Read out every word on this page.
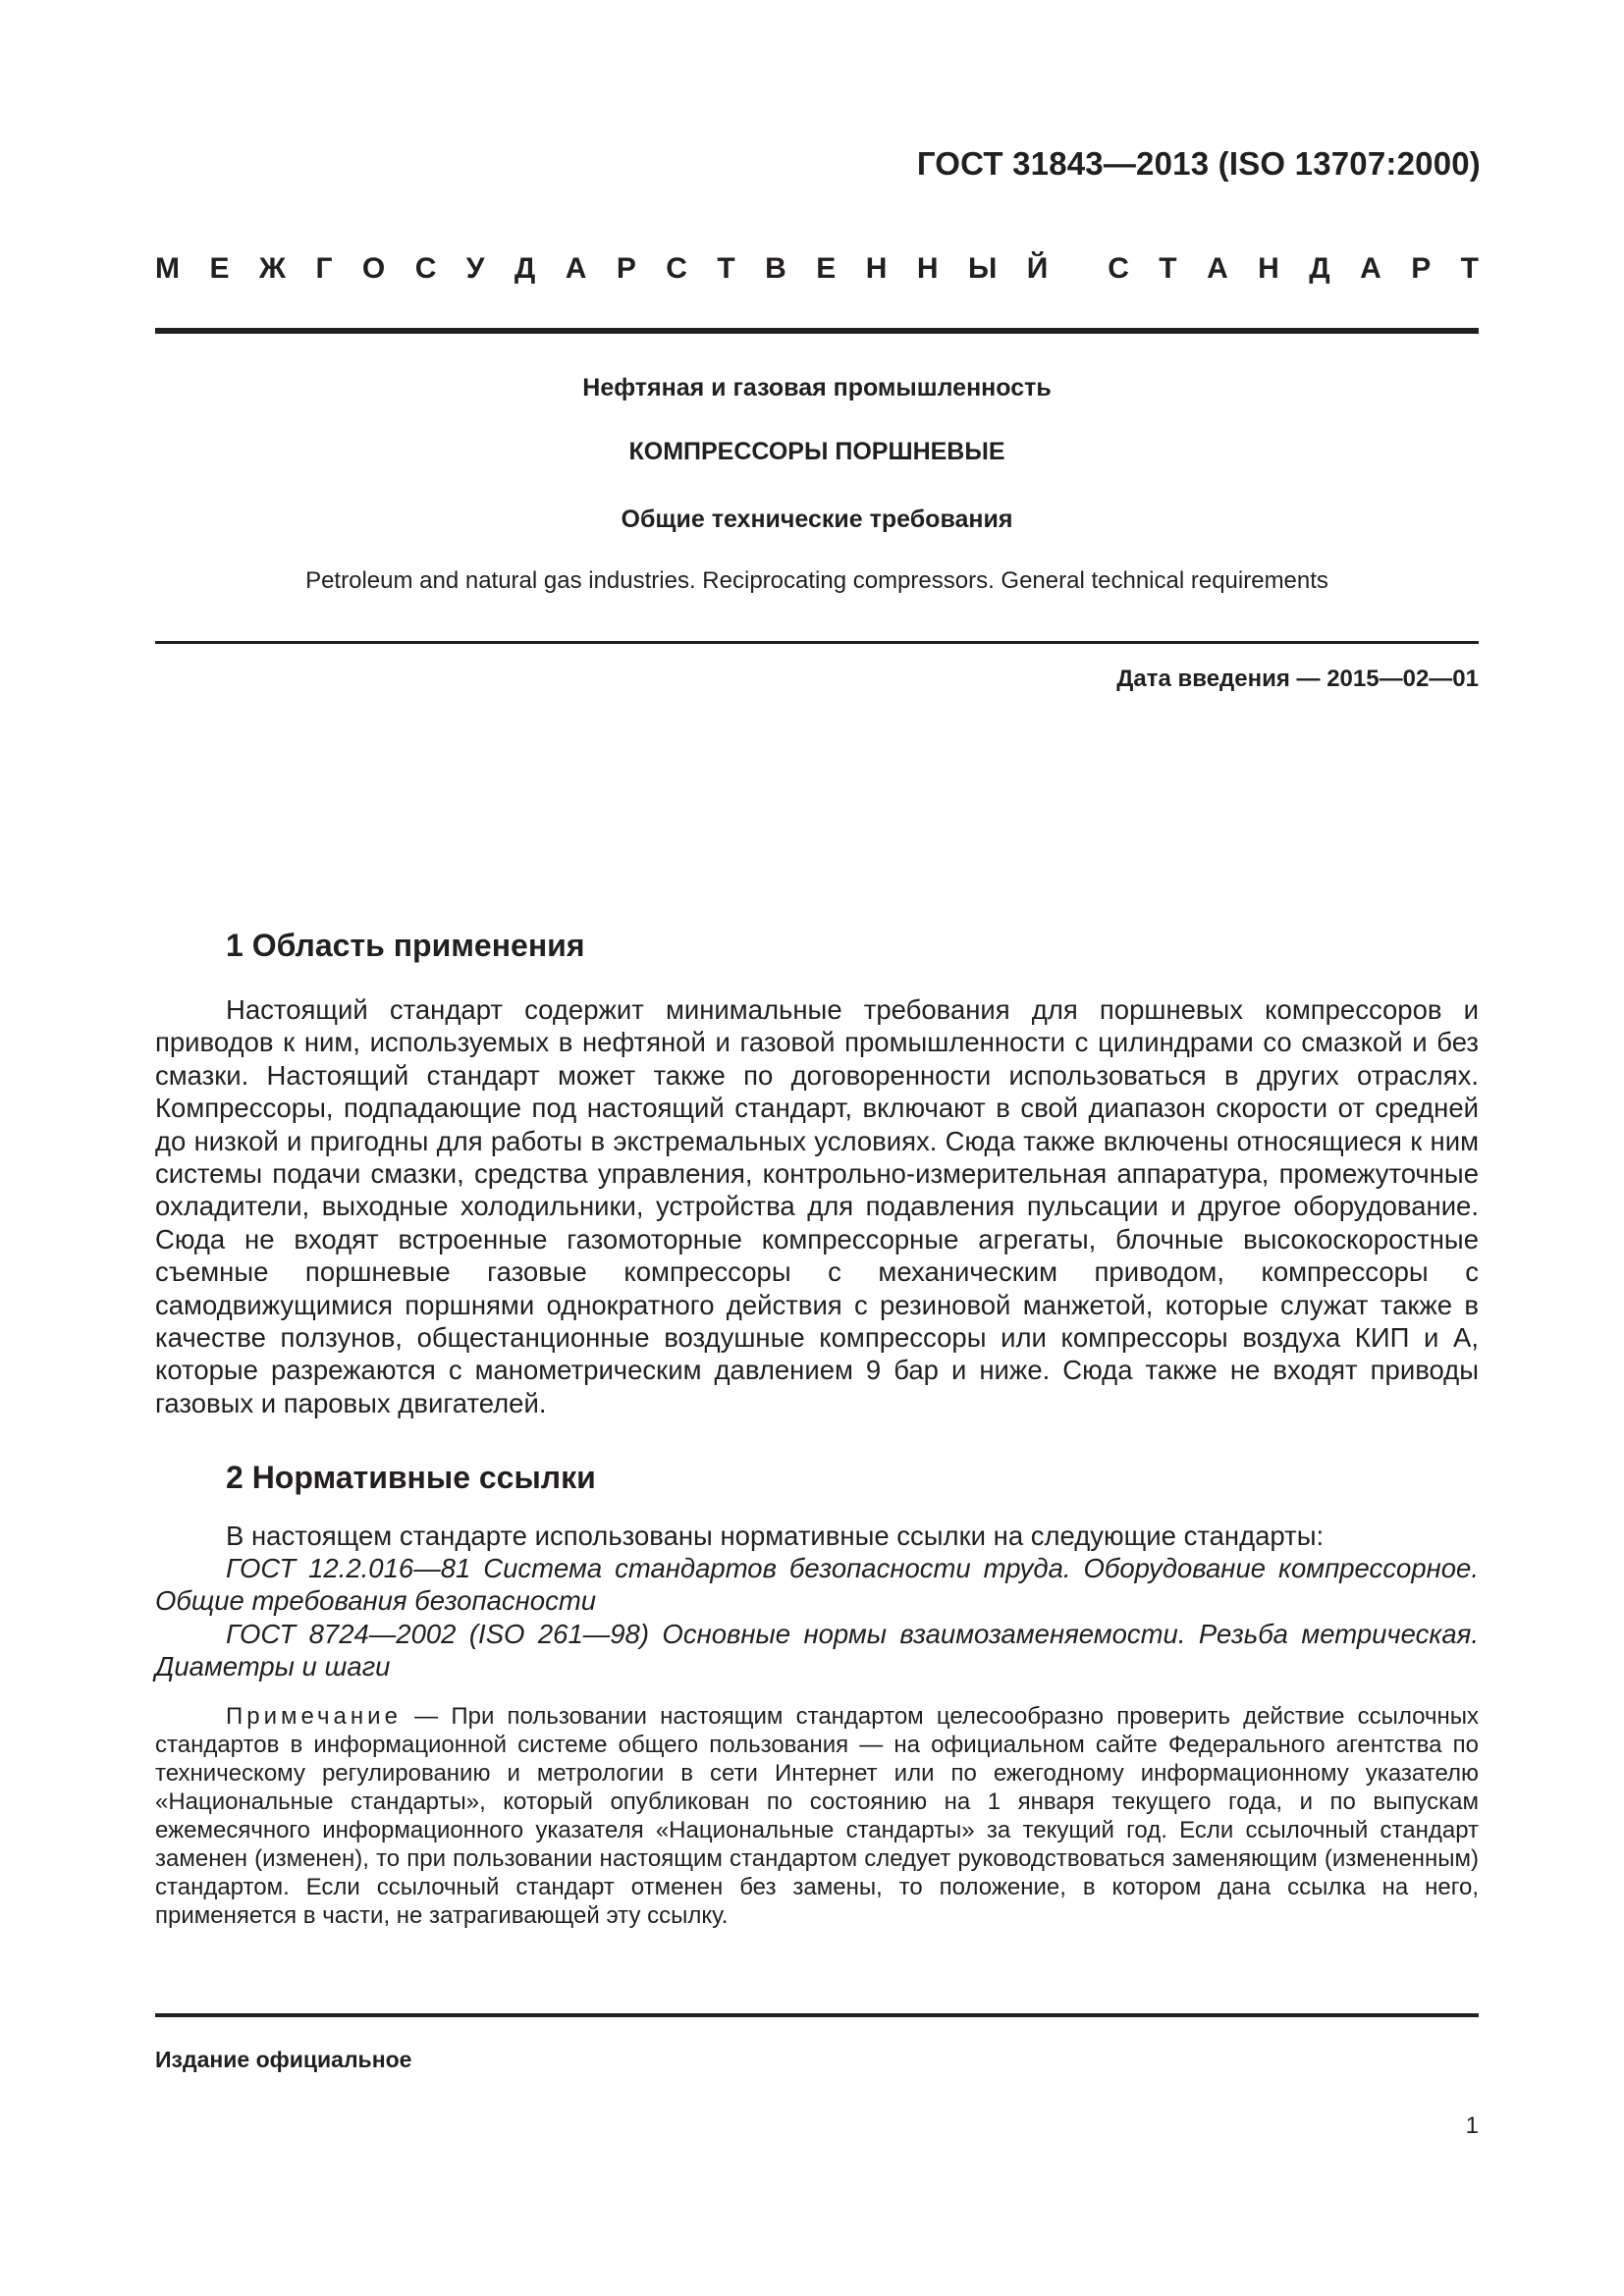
ГОСТ 31843—2013 (ISO 13707:2000)

М Е Ж Г О С У Д А Р С Т В Е Н Н Ы Й С Т А Н Д А Р Т

Нефтяная и газовая промышленность

КОМПРЕССОРЫ ПОРШНЕВЫЕ

Общие технические требования

Petroleum and natural gas industries. Reciprocating compressors. General technical requirements

Дата введения — 2015—02—01

1 Область применения

Настоящий стандарт содержит минимальные требования для поршневых компрессоров и приводов к ним, используемых в нефтяной и газовой промышленности с цилиндрами со смазкой и без смазки. Настоящий стандарт может также по договоренности использоваться в других отраслях. Компрессоры, подпадающие под настоящий стандарт, включают в свой диапазон скорости от средней до низкой и пригодны для работы в экстремальных условиях. Сюда также включены относящиеся к ним системы подачи смазки, средства управления, контрольно-измерительная аппаратура, промежуточные охладители, выходные холодильники, устройства для подавления пульсации и другое оборудование. Сюда не входят встроенные газомоторные компрессорные агрегаты, блочные высокоскоростные съемные поршневые газовые компрессоры с механическим приводом, компрессоры с самодвижущимися поршнями однократного действия с резиновой манжетой, которые служат также в качестве ползунов, общестанционные воздушные компрессоры или компрессоры воздуха КИП и А, которые разрежаются с манометрическим давлением 9 бар и ниже. Сюда также не входят приводы газовых и паровых двигателей.

2 Нормативные ссылки

В настоящем стандарте использованы нормативные ссылки на следующие стандарты:

ГОСТ 12.2.016—81 Система стандартов безопасности труда. Оборудование компрессорное. Общие требования безопасности

ГОСТ 8724—2002 (ISO 261—98) Основные нормы взаимозаменяемости. Резьба метрическая. Диаметры и шаги

Примечание — При пользовании настоящим стандартом целесообразно проверить действие ссылочных стандартов в информационной системе общего пользования — на официальном сайте Федерального агентства по техническому регулированию и метрологии в сети Интернет или по ежегодному информационному указателю «Национальные стандарты», который опубликован по состоянию на 1 января текущего года, и по выпускам ежемесячного информационного указателя «Национальные стандарты» за текущий год. Если ссылочный стандарт заменен (изменен), то при пользовании настоящим стандартом следует руководствоваться заменяющим (измененным) стандартом. Если ссылочный стандарт отменен без замены, то положение, в котором дана ссылка на него, применяется в части, не затрагивающей эту ссылку.

Издание официальное

1
